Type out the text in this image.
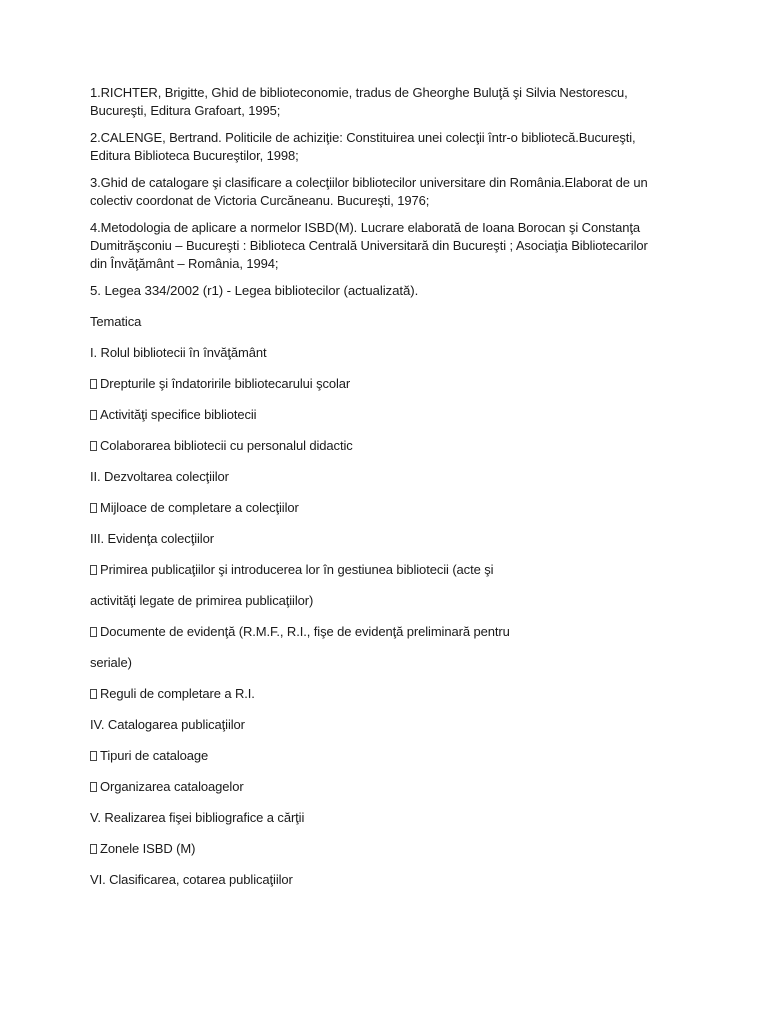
1.RICHTER, Brigitte, Ghid de biblioteconomie, tradus de Gheorghe Buluţă şi Silvia Nestorescu,
Bucureşti, Editura Grafoart, 1995;
2.CALENGE, Bertrand. Politicile de achiziţie: Constituirea unei colecţii într-o bibliotecă.Bucureşti,
Editura Biblioteca Bucureştilor, 1998;
3.Ghid de catalogare şi clasificare a colecţiilor bibliotecilor universitare din România.Elaborat de un
colectiv coordonat de Victoria Curcăneanu. Bucureşti, 1976;
4.Metodologia de aplicare a normelor ISBD(M). Lucrare elaborată de Ioana Borocan şi Constanţa
Dumitrăşconiu – Bucureşti : Biblioteca Centrală Universitară din Bucureşti ; Asociaţia Bibliotecarilor
din Învăţământ – România, 1994;
5. Legea 334/2002 (r1) - Legea bibliotecilor (actualizată).
Tematica
I. Rolul bibliotecii în învăţământ
Drepturile şi îndatoririle bibliotecarului şcolar
Activităţi specifice bibliotecii
Colaborarea bibliotecii cu personalul didactic
II. Dezvoltarea colecţiilor
Mijloace de completare a colecţiilor
III. Evidenţa colecţiilor
Primirea publicaţiilor şi introducerea lor în gestiunea bibliotecii (acte şi
activităţi legate de primirea publicaţiilor)
Documente de evidenţă (R.M.F., R.I., fişe de evidenţă preliminară pentru
seriale)
Reguli de completare a R.I.
IV. Catalogarea publicaţiilor
Tipuri de cataloage
Organizarea cataloagelor
V. Realizarea fişei bibliografice a cărţii
Zonele ISBD (M)
VI. Clasificarea, cotarea publicaţiilor
